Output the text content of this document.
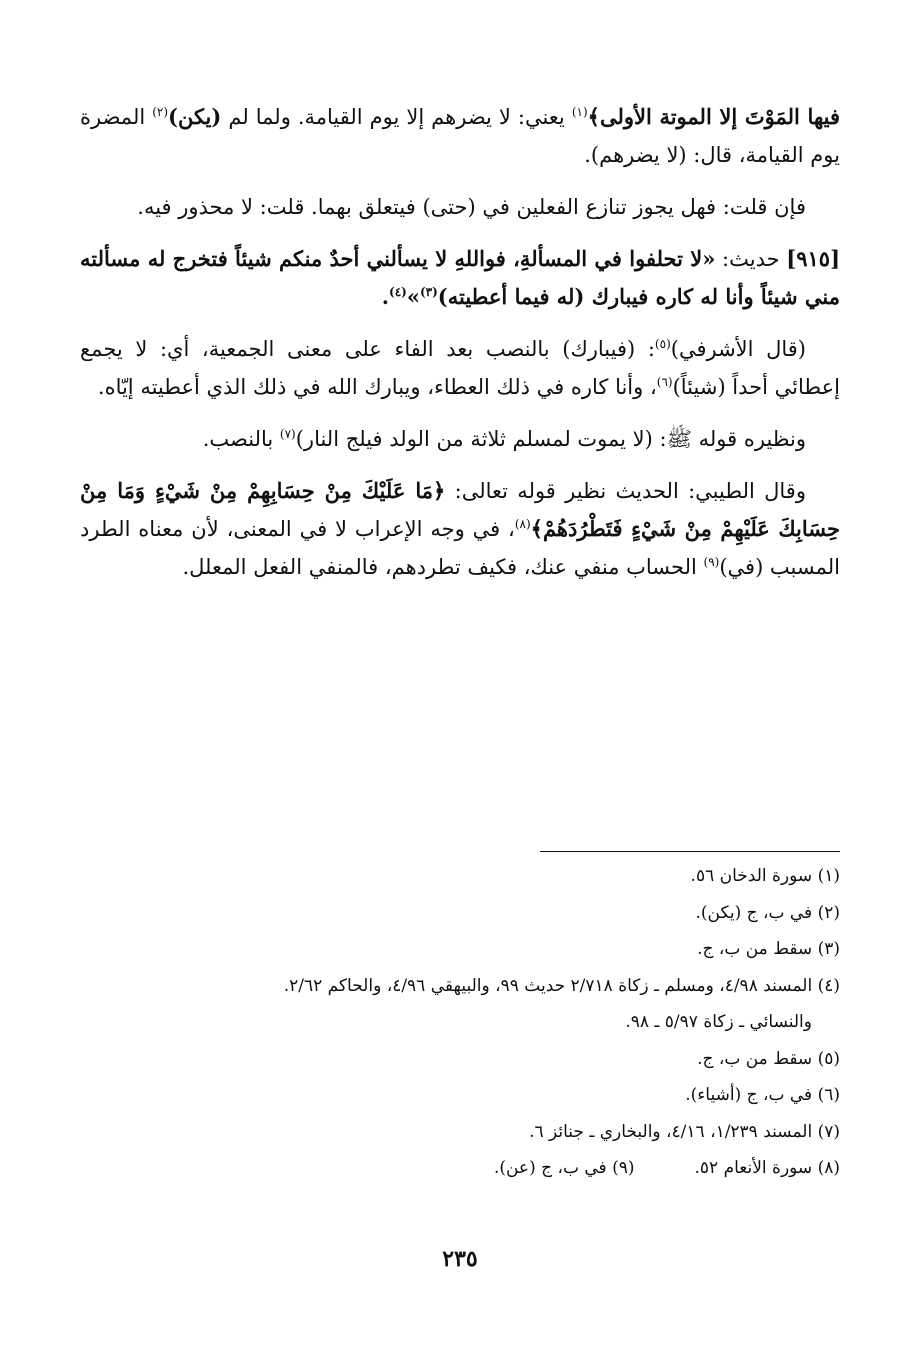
فيها المَوْتَ إلا الموتة الأولى﴾$^{(١)}$ يعني: لا يضرهم إلا يوم القيامة. ولما لم (يكن)$^{(٢)}$ المضرة يوم القيامة، قال: (لا يضرهم).

فإن قلت: فهل يجوز تنازع الفعلين في (حتى) فيتعلق بهما. قلت: لا محذور فيه.

[٩١٥] حديث: «لا تحلفوا في المسألةِ، فواللهِ لا يسألني أحدٌ منكم شيئاً فتخرج له مسألته مني شيئاً وأنا له كاره فيبارك (له فيما أعطيته)$^{(٣)}$»$^{(٤)}$.

(قال الأشرفي)$^{(٥)}$: (فيبارك) بالنصب بعد الفاء على معنى الجمعية، أي: لا يجمع إعطائي أحداً (شيئاً)$^{(٦)}$، وأنا كاره في ذلك العطاء، ويبارك الله في ذلك الذي أعطيته إيّاه.

ونظيره قوله ﷺ: (لا يموت لمسلم ثلاثة من الولد فيلج النار)$^{(٧)}$ بالنصب.

وقال الطيبي: الحديث نظير قوله تعالى: ﴿مَا عَلَيْكَ مِنْ حِسَابِهِمْ مِنْ شَيْءٍ وَمَا مِنْ حِسَابِكَ عَلَيْهِمْ مِنْ شَيْءٍ فَتَطْرُدَهُمْ﴾$^{(٨)}$، في وجه الإعراب لا في المعنى، لأن معناه الطرد المسبب (في)$^{(٩)}$ الحساب منفي عنك، فكيف تطردهم، فالمنفي الفعل المعلل.

(١) سورة الدخان ٥٦.

(٢) في ب، ج (يكن).

(٣) سقط من ب، ج.

(٤) المسند ٤/٩٨، ومسلم ـ زكاة ٢/٧١٨ حديث ٩٩، والبيهقي ٤/٩٦، والحاكم ٢/٦٢.

والنسائي ـ زكاة ٥/٩٧ ـ ٩٨.

(٥) سقط من ب، ج.

(٦) في ب، ج (أشياء).

(٧) المسند ١/٢٣٩، ٤/١٦، والبخاري ـ جنائز ٦.

(٨) سورة الأنعام ٥٢.
(٩) في ب، ج (عن).
٢٣٥
